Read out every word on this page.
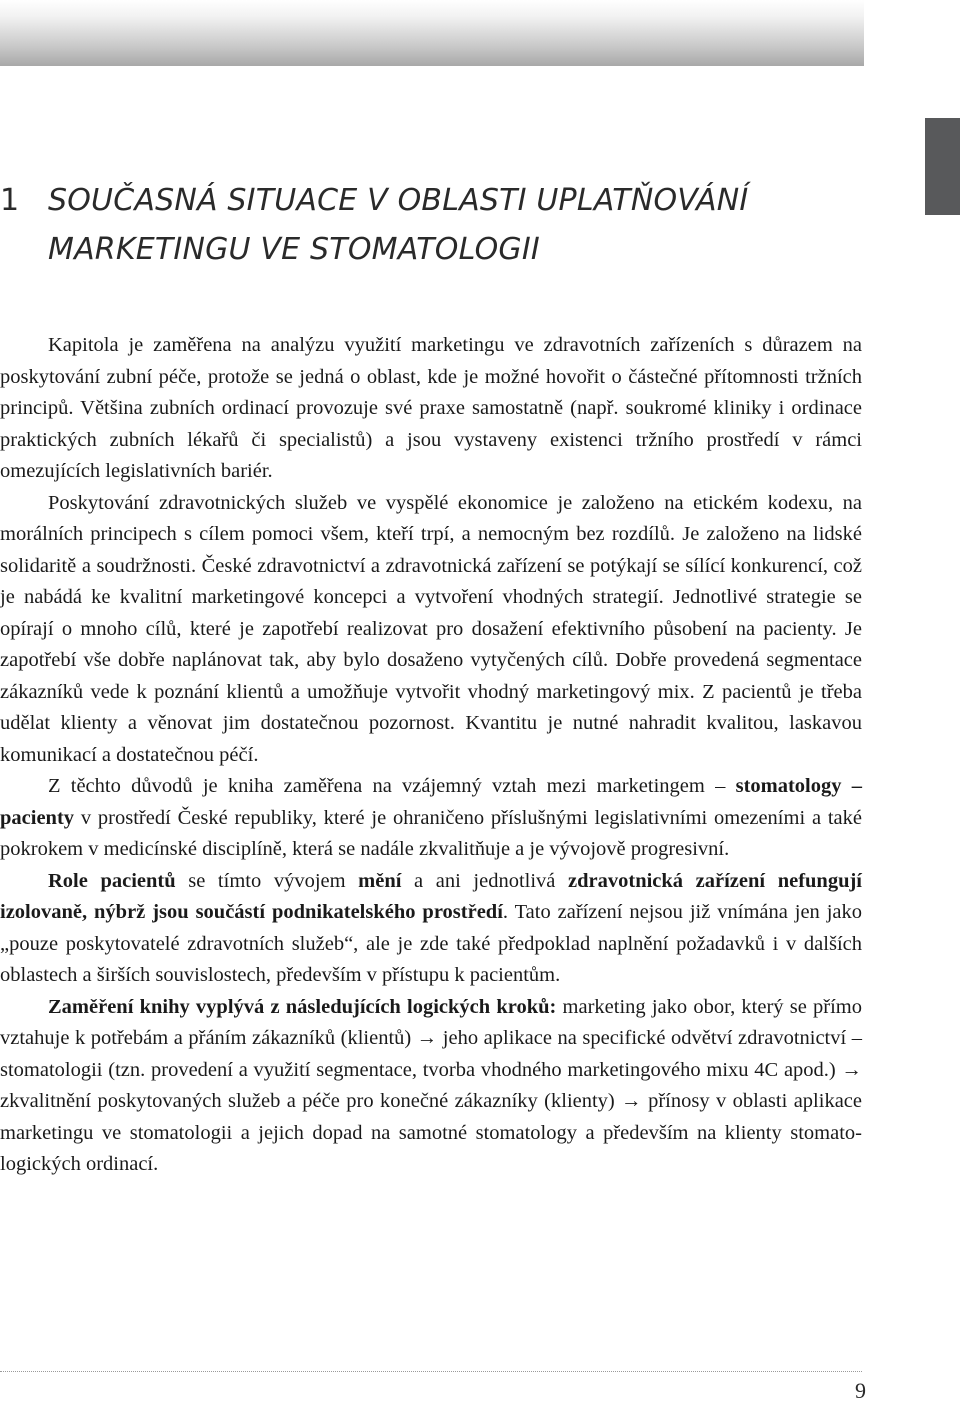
1 SOUČASNÁ SITUACE V OBLASTI UPLATŇOVÁNÍ
MARKETINGU VE STOMATOLOGII

Kapitola je zaměřena na analýzu využití marketingu ve zdravotních zařízeních s důrazem na poskytování zubní péče, protože se jedná o oblast, kde je možné hovořit o částečné přítomnosti tržních principů. Většina zubních ordinací provozuje své praxe samostatně (např. soukromé kliniky i ordinace praktických zubních lékařů či specialistů) a jsou vystaveny existenci tržního prostředí v rámci omezujících legislativních bariér.

Poskytování zdravotnických služeb ve vyspělé ekonomice je založeno na etickém kodexu, na morálních principech s cílem pomoci všem, kteří trpí, a nemocným bez rozdílů. Je založeno na lidské solidaritě a soudržnosti. České zdravotnictví a zdravotnická zařízení se potýkají se sílící konkurencí, což je nabádá ke kvalitní marketingové koncepci a vytvoření vhodných strategií. Jednotlivé strategie se opírají o mnoho cílů, které je zapotřebí realizovat pro dosažení efektivního působení na pacienty. Je zapotřebí vše dobře naplánovat tak, aby bylo dosaženo vytyčených cílů. Dobře provedená segmentace zákazníků vede k poznání klientů a umožňuje vytvořit vhodný marketingový mix. Z pacientů je třeba udělat klienty a věnovat jim dostatečnou pozornost. Kvantitu je nutné nahradit kvalitou, laskavou komunikací a dostatečnou péčí.

Z těchto důvodů je kniha zaměřena na vzájemný vztah mezi marketingem – stomatology – pacienty v prostředí České republiky, které je ohraničeno příslušnými legislativními omezeními a také pokrokem v medicínské disciplíně, která se nadále zkvalitňuje a je vývojově progresivní.

Role pacientů se tímto vývojem mění a ani jednotlivá zdravotnická zařízení nefungují izolovaně, nýbrž jsou součástí podnikatelského prostředí. Tato zařízení nejsou již vnímána jen jako „pouze poskytovatelé zdravotních služeb“, ale je zde také předpoklad naplnění požadavků i v dalších oblastech a širších souvislostech, především v přístupu k pacientům.

Zaměření knihy vyplývá z následujících logických kroků: marketing jako obor, který se přímo vztahuje k potřebám a přáním zákazníků (klientů) → jeho aplikace na specifické odvětví zdravotnictví – stomatologii (tzn. provedení a využití segmentace, tvorba vhodného marketingového mixu 4C apod.) → zkvalitnění poskytovaných služeb a péče pro konečné zákazníky (klienty) → přínosy v oblasti aplikace marketingu ve stomatologii a jejich dopad na samotné stomatology a především na klienty stomatologických ordinací.

9
